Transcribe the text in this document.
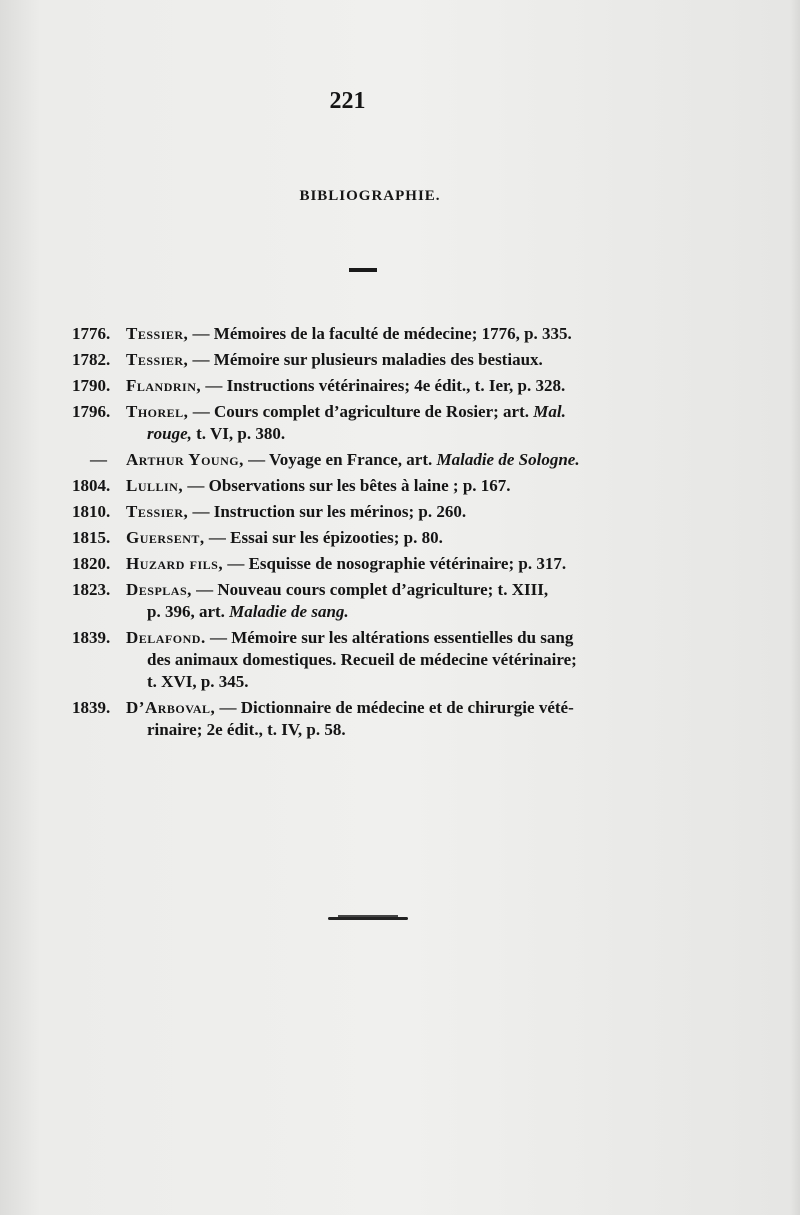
221
BIBLIOGRAPHIE.
1776. Tessier, — Mémoires de la faculté de médecine; 1776, p. 335.
1782. Tessier, — Mémoire sur plusieurs maladies des bestiaux.
1790. Flandrin, — Instructions vétérinaires; 4e édit., t. Ier, p. 328.
1796. Thorel, — Cours complet d’agriculture de Rosier; art. Mal.
rouge, t. VI, p. 380.
— Arthur Young, — Voyage en France, art. Maladie de Sologne.
1804. Lullin, — Observations sur les bêtes à laine ; p. 167.
1810. Tessier, — Instruction sur les mérinos; p. 260.
1815. Guersent, — Essai sur les épizooties; p. 80.
1820. Huzard fils, — Esquisse de nosographie vétérinaire; p. 317.
1823. Desplas, — Nouveau cours complet d’agriculture; t. XIII,
p. 396, art. Maladie de sang.
1839. Delafond. — Mémoire sur les altérations essentielles du sang
des animaux domestiques. Recueil de médecine vétérinaire;
t. XVI, p. 345.
1839. D’Arboval, — Dictionnaire de médecine et de chirurgie vété-
rinaire; 2e édit., t. IV, p. 58.
